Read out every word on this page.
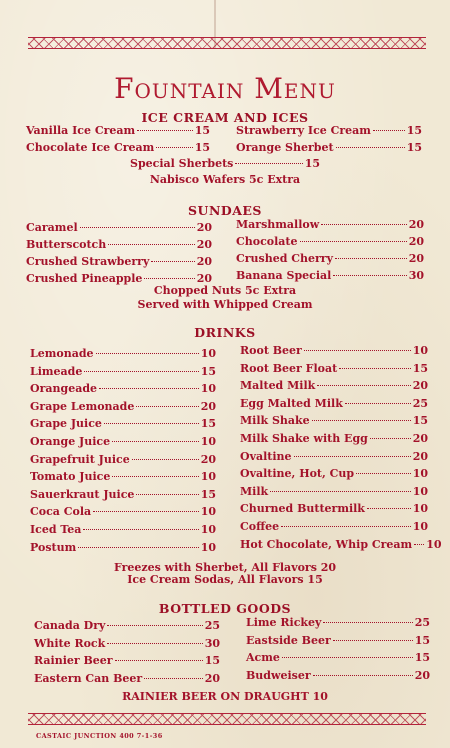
Fountain Menu
ICE CREAM AND ICES
Vanilla Ice Cream	15
Chocolate Ice Cream	15
Strawberry Ice Cream	15
Orange Sherbet	15
Special Sherbets	15
Nabisco Wafers 5c Extra
SUNDAES
Caramel	20
Butterscotch	20
Crushed Strawberry	20
Crushed Pineapple	20
Marshmallow	20
Chocolate	20
Crushed Cherry	20
Banana Special	30
Chopped Nuts 5c Extra
Served with Whipped Cream
DRINKS
Lemonade	10
Limeade	15
Orangeade	10
Grape Lemonade	20
Grape Juice	15
Orange Juice	10
Grapefruit Juice	20
Tomato Juice	10
Sauerkraut Juice	15
Coca Cola	10
Iced Tea	10
Postum	10
Root Beer	10
Root Beer Float	15
Malted Milk	20
Egg Malted Milk	25
Milk Shake	15
Milk Shake with Egg	20
Ovaltine	20
Ovaltine, Hot, Cup	10
Milk	10
Churned Buttermilk	10
Coffee	10
Hot Chocolate, Whip Cream 10
Freezes with Sherbet, All Flavors 20
Ice Cream Sodas, All Flavors 15
BOTTLED GOODS
Canada Dry	25
White Rock	30
Rainier Beer	15
Eastern Can Beer	20
Lime Rickey	25
Eastside Beer	15
Acme	15
Budweiser	20
RAINIER BEER ON DRAUGHT 10
CASTAIC JUNCTION 400 7-1-36
